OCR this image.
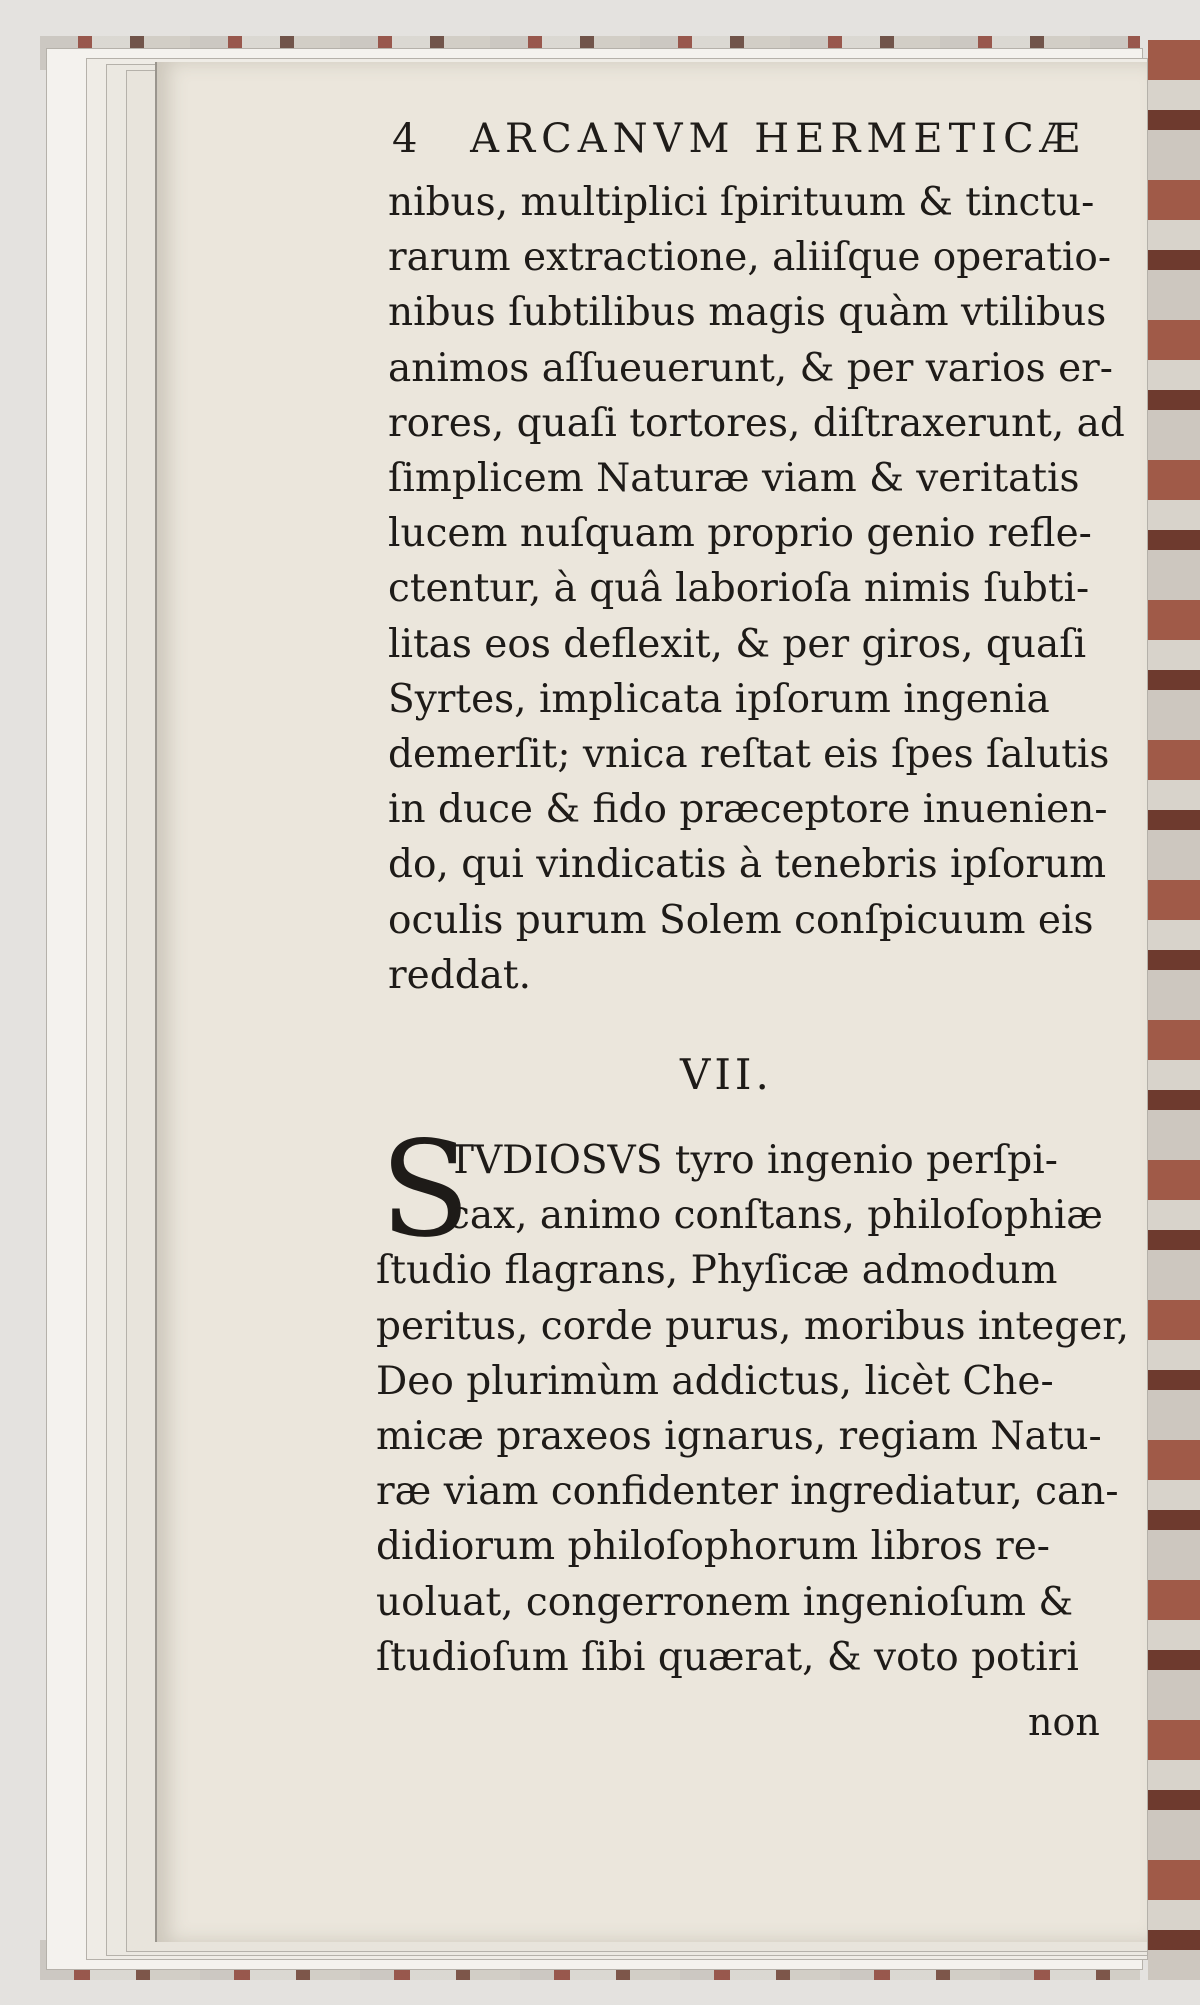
4 ARCANVM HERMETICÆ
nibus, multiplici ſpirituum & tinctu-
rarum extractione, aliiſque operatio-
nibus ſubtilibus magis quàm vtilibus
animos aſſueuerunt, & per varios er-
rores, quaſi tortores, diſtraxerunt, ad
ſimplicem Naturæ viam & veritatis
lucem nuſquam proprio genio reflе-
ctentur, à quâ laborioſa nimis ſubti-
litas eos deflexit, & per giros, quaſi
Syrtes, implicata ipſorum ingenia
demerſit; vnica reſtat eis ſpes ſalutis
in duce & fido præceptore inuenien-
do, qui vindicatis à tenebris ipſorum
oculis purum Solem conſpicuum eis
reddat.
VII.
S
TVDIOSVS tyro ingenio perſpi-
cax, animo conſtans, philoſophiæ
ſtudio flagrans, Phyſicæ admodum
peritus, corde purus, moribus integer,
Deo plurimùm addictus, licèt Che-
micæ praxeos ignarus, regiam Natu-
ræ viam confidenter ingrediatur, can-
didiorum philoſophorum libros re-
uoluat, congerronem ingenioſum &
ſtudioſum ſibi quærat, & voto potiri
non
